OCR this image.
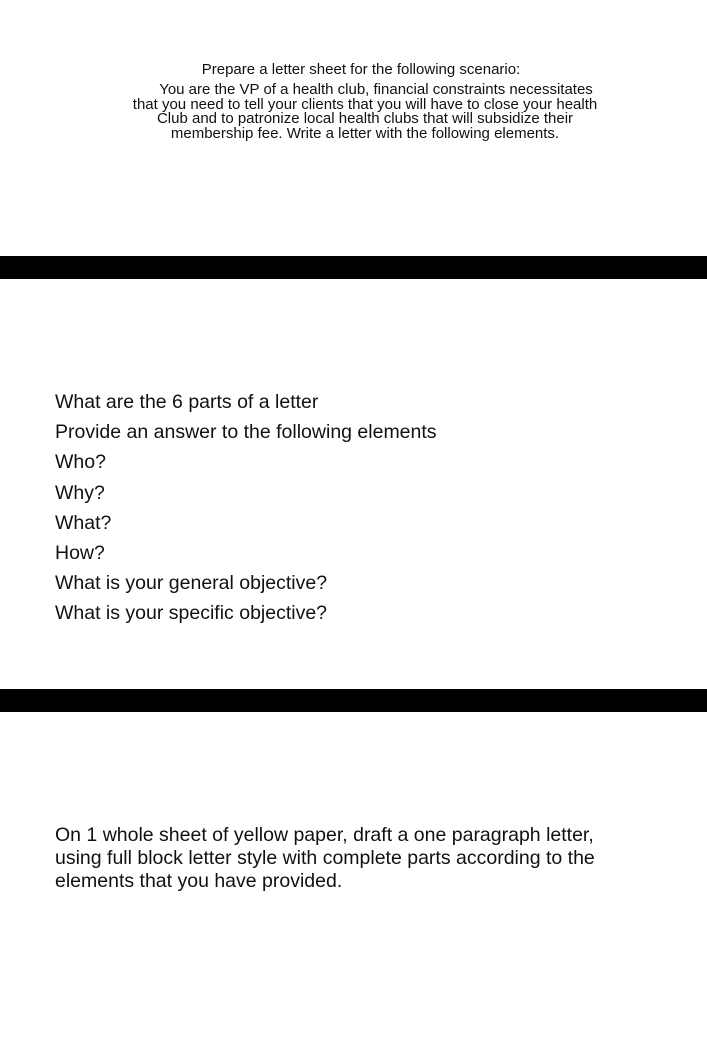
Prepare a letter sheet for the following scenario:
You are the VP of a health club, financial constraints necessitates
that you need to tell your clients that you will have to close your health
Club and to patronize local health clubs that will subsidize their
membership fee. Write a letter with the following elements.
What are the 6 parts of a letter
Provide an answer to the following elements
Who?
Why?
What?
How?
What is your general objective?
What is your specific objective?
On 1 whole sheet of yellow paper, draft a one paragraph letter,
using full block letter style with complete parts according to the
elements that you have provided.
